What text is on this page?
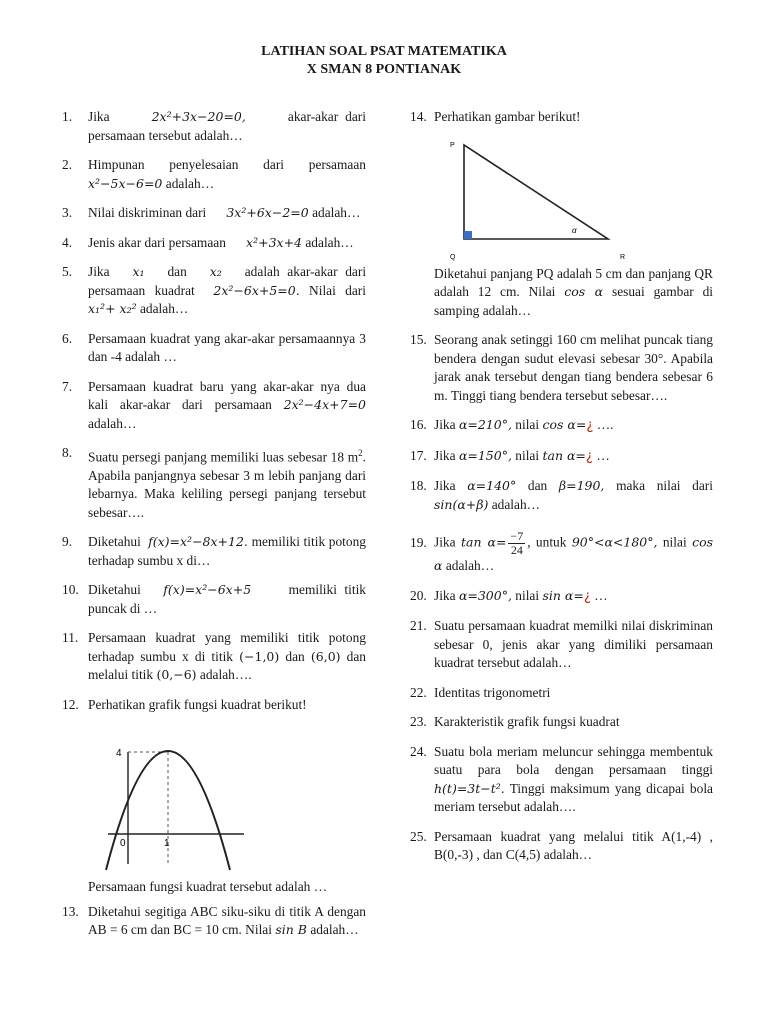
LATIHAN SOAL PSAT MATEMATIKA
X SMAN 8 PONTIANAK
1. Jika	2x²+3x−20=0,	akar-akar dari persamaan tersebut adalah…
2. Himpunan penyelesaian dari persamaan x²−5x−6=0 adalah…
3. Nilai diskriminan dari 3x²+6x−2=0 adalah…
4. Jenis akar dari persamaan x²+3x+4 adalah…
5. Jika x₁ dan x₂ adalah akar-akar dari persamaan kuadrat 2x²−6x+5=0. Nilai dari x₁²+ x₂² adalah…
6. Persamaan kuadrat yang akar-akar persamaannya 3 dan -4 adalah …
7. Persamaan kuadrat baru yang akar-akar nya dua kali akar-akar dari persamaan 2x²−4x+7=0 adalah…
8. Suatu persegi panjang memiliki luas sebesar 18 $m^2$. Apabila panjangnya sebesar 3 m lebih panjang dari lebarnya. Maka keliling persegi panjang tersebut sebesar….
9. Diketahui f(x)=x²−8x+12. memiliki titik potong terhadap sumbu x di…
10. Diketahui f(x)=x²−6x+5	memiliki titik puncak di …
11. Persamaan kuadrat yang memiliki titik potong terhadap sumbu x di titik (−1,0) dan (6,0) dan melalui titik (0,−6) adalah….
12. Perhatikan grafik fungsi kuadrat berikut!
4
0	1
Persamaan fungsi kuadrat tersebut adalah …
13. Diketahui segitiga ABC siku-siku di titik A dengan AB = 6 cm dan BC = 10 cm. Nilai sin B adalah…
14. Perhatikan gambar berikut!
P
Q	R
α
Diketahui panjang PQ adalah 5 cm dan panjang QR adalah 12 cm. Nilai cos α sesuai gambar di samping adalah…
15. Seorang anak setinggi 160 cm melihat puncak tiang bendera dengan sudut elevasi sebesar 30°. Apabila jarak anak tersebut dengan tiang bendera sebesar 6 m. Tinggi tiang bendera tersebut sebesar….
16. Jika α=210°, nilai cos α=¿ ….
17. Jika α=150°, nilai tan α=¿ …
18. Jika α=140° dan β=190, maka nilai dari sin(α+β) adalah…
19. Jika $\tan \alpha= \frac{-7}{24}$ , untuk 90°<α<180°, nilai cos α adalah…
20. Jika α=300°, nilai sin α=¿ …
21. Suatu persamaan kuadrat memilki nilai diskriminan sebesar 0, jenis akar yang dimiliki persamaan kuadrat tersebut adalah…
22. Identitas trigonometri
23. Karakteristik grafik fungsi kuadrat
24. Suatu bola meriam meluncur sehingga membentuk suatu para bola dengan persamaan tinggi h(t)=3t−t². Tinggi maksimum yang dicapai bola meriam tersebut adalah….
25. Persamaan kuadrat yang melalui titik A(1,-4) , B(0,-3) , dan C(4,5) adalah…
